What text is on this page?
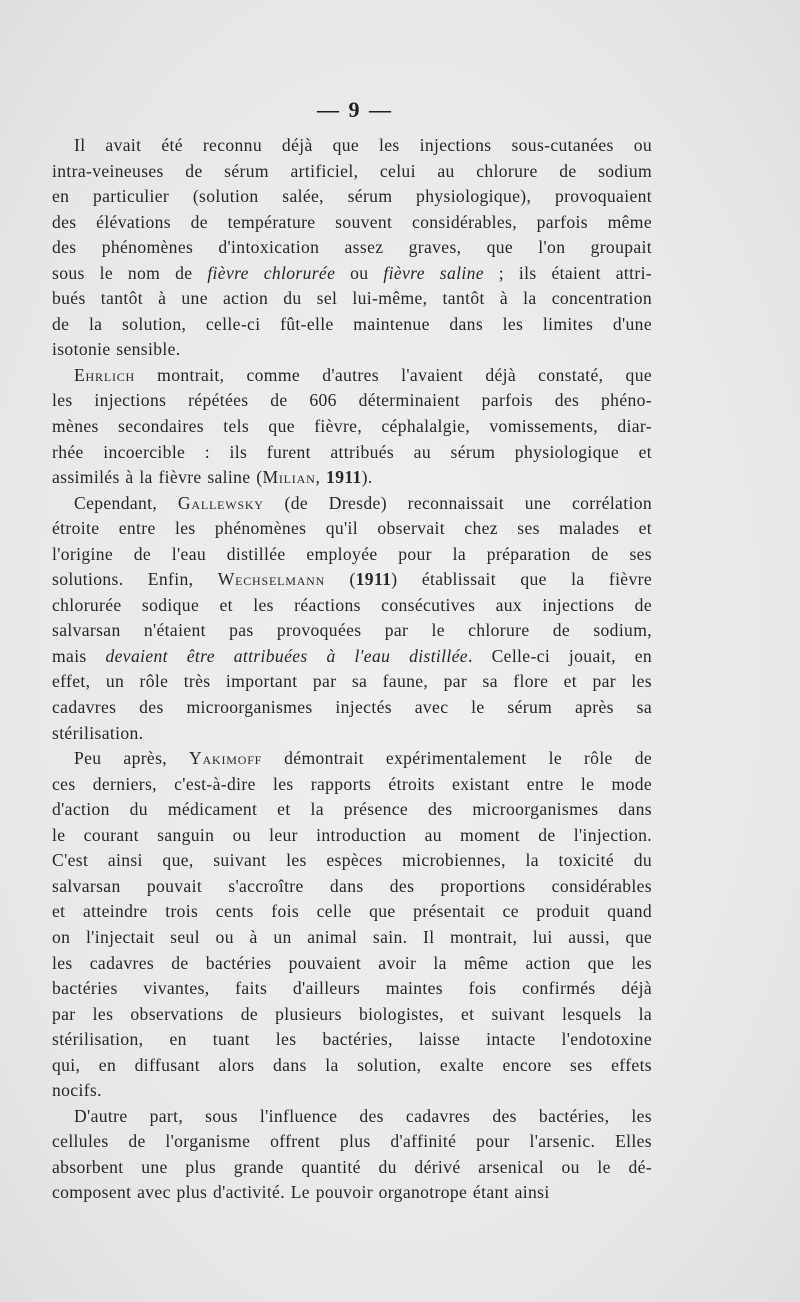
— 9 —
Il avait été reconnu déjà que les injections sous-cutanées ou
intra-veineuses de sérum artificiel, celui au chlorure de sodium
en particulier (solution salée, sérum physiologique), provoquaient
des élévations de température souvent considérables, parfois même
des phénomènes d'intoxication assez graves, que l'on groupait
sous le nom de fièvre chlorurée ou fièvre saline ; ils étaient attri-
bués tantôt à une action du sel lui-même, tantôt à la concentration
de la solution, celle-ci fût-elle maintenue dans les limites d'une
isotonie sensible.
Ehrlich montrait, comme d'autres l'avaient déjà constaté, que
les injections répétées de 606 déterminaient parfois des phéno-
mènes secondaires tels que fièvre, céphalalgie, vomissements, diar-
rhée incoercible : ils furent attribués au sérum physiologique et
assimilés à la fièvre saline (Milian, 1911).
Cependant, Gallewsky (de Dresde) reconnaissait une corrélation
étroite entre les phénomènes qu'il observait chez ses malades et
l'origine de l'eau distillée employée pour la préparation de ses
solutions. Enfin, Wechselmann (1911) établissait que la fièvre
chlorurée sodique et les réactions consécutives aux injections de
salvarsan n'étaient pas provoquées par le chlorure de sodium,
mais devaient être attribuées à l'eau distillée. Celle-ci jouait, en
effet, un rôle très important par sa faune, par sa flore et par les
cadavres des microorganismes injectés avec le sérum après sa
stérilisation.
Peu après, Yakimoff démontrait expérimentalement le rôle de
ces derniers, c'est-à-dire les rapports étroits existant entre le mode
d'action du médicament et la présence des microorganismes dans
le courant sanguin ou leur introduction au moment de l'injection.
C'est ainsi que, suivant les espèces microbiennes, la toxicité du
salvarsan pouvait s'accroître dans des proportions considérables
et atteindre trois cents fois celle que présentait ce produit quand
on l'injectait seul ou à un animal sain. Il montrait, lui aussi, que
les cadavres de bactéries pouvaient avoir la même action que les
bactéries vivantes, faits d'ailleurs maintes fois confirmés déjà
par les observations de plusieurs biologistes, et suivant lesquels la
stérilisation, en tuant les bactéries, laisse intacte l'endotoxine
qui, en diffusant alors dans la solution, exalte encore ses effets
nocifs.
D'autre part, sous l'influence des cadavres des bactéries, les
cellules de l'organisme offrent plus d'affinité pour l'arsenic. Elles
absorbent une plus grande quantité du dérivé arsenical ou le dé-
composent avec plus d'activité. Le pouvoir organotrope étant ainsi
